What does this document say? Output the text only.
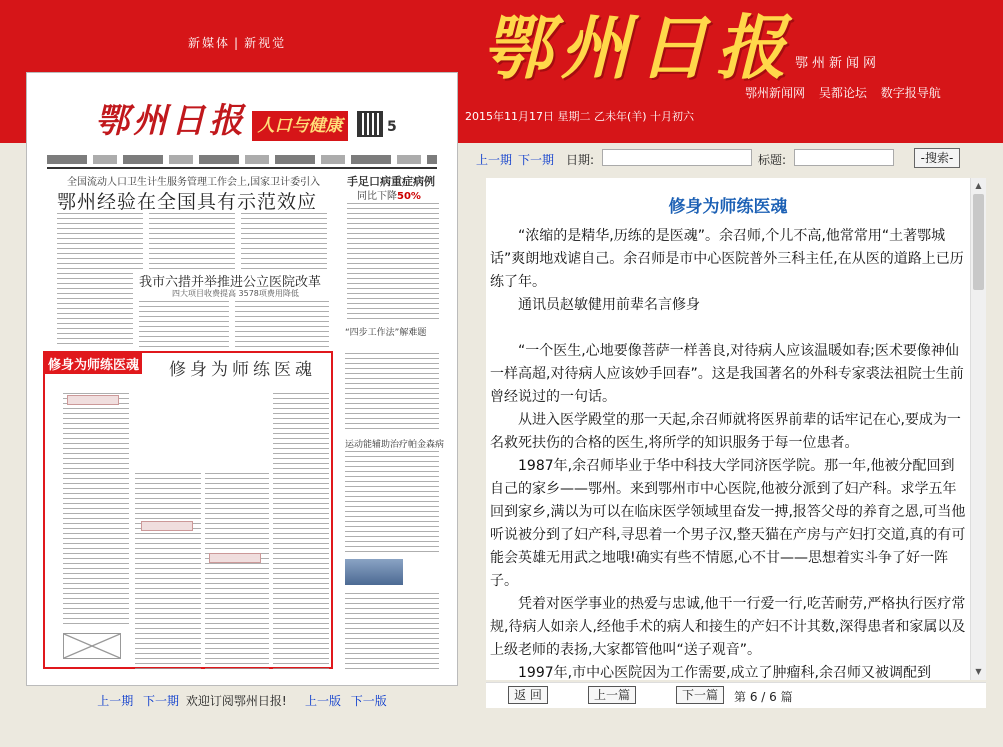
新媒体 | 新视觉	鄂州日报 鄂州新闻网
鄂州新闻网 吴都论坛 数字报导航
2015年11月17日 星期二 乙未年(羊) 十月初六
鄂州日报 人口与健康	5
全国流动人口卫生计生服务管理工作会上,国家卫计委引入
鄂州经验在全国具有示范效应
手足口病重症病例
同比下降50%
我市六措并举推进公立医院改革
四大项目收费提高 3578项费用降低
“四步工作法”解难题
运动能辅助治疗帕金森病
修身为师练医魂 修身为师练医魂
上一期 下一期 欢迎订阅鄂州日报! 上一版 下一版
上一期 下一期 日期:	标题:	-搜索-
修身为师练医魂

“浓缩的是精华,历练的是医魂”。余召师,个儿不高,他常常用“土著鄂城话”爽朗地戏谑自己。余召师是市中心医院普外三科主任,在从医的道路上已历练了年。

通讯员赵敏健用前辈名言修身

“一个医生,心地要像菩萨一样善良,对待病人应该温暖如春;医术要像神仙一样高超,对待病人应该妙手回春”。这是我国著名的外科专家裘法祖院士生前曾经说过的一句话。

从进入医学殿堂的那一天起,余召师就将医界前辈的话牢记在心,要成为一名救死扶伤的合格的医生,将所学的知识服务于每一位患者。

1987年,余召师毕业于华中科技大学同济医学院。那一年,他被分配回到自己的家乡——鄂州。来到鄂州市中心医院,他被分派到了妇产科。求学五年回到家乡,满以为可以在临床医学领域里奋发一搏,报答父母的养育之恩,可当他听说被分到了妇产科,寻思着一个男子汉,整天猫在产房与产妇打交道,真的有可能会英雄无用武之地哦!确实有些不情愿,心不甘——思想着实斗争了好一阵子。

凭着对医学事业的热爱与忠诚,他干一行爱一行,吃苦耐劳,严格执行医疗常规,待病人如亲人,经他手术的病人和接生的产妇不计其数,深得患者和家属以及上级老师的表扬,大家都管他叫“送子观音”。

1997年,市中心医院因为工作需要,成立了肿瘤科,余召师又被调配到

▲
▼
返 回	上一篇	下一篇	第 6 / 6 篇
